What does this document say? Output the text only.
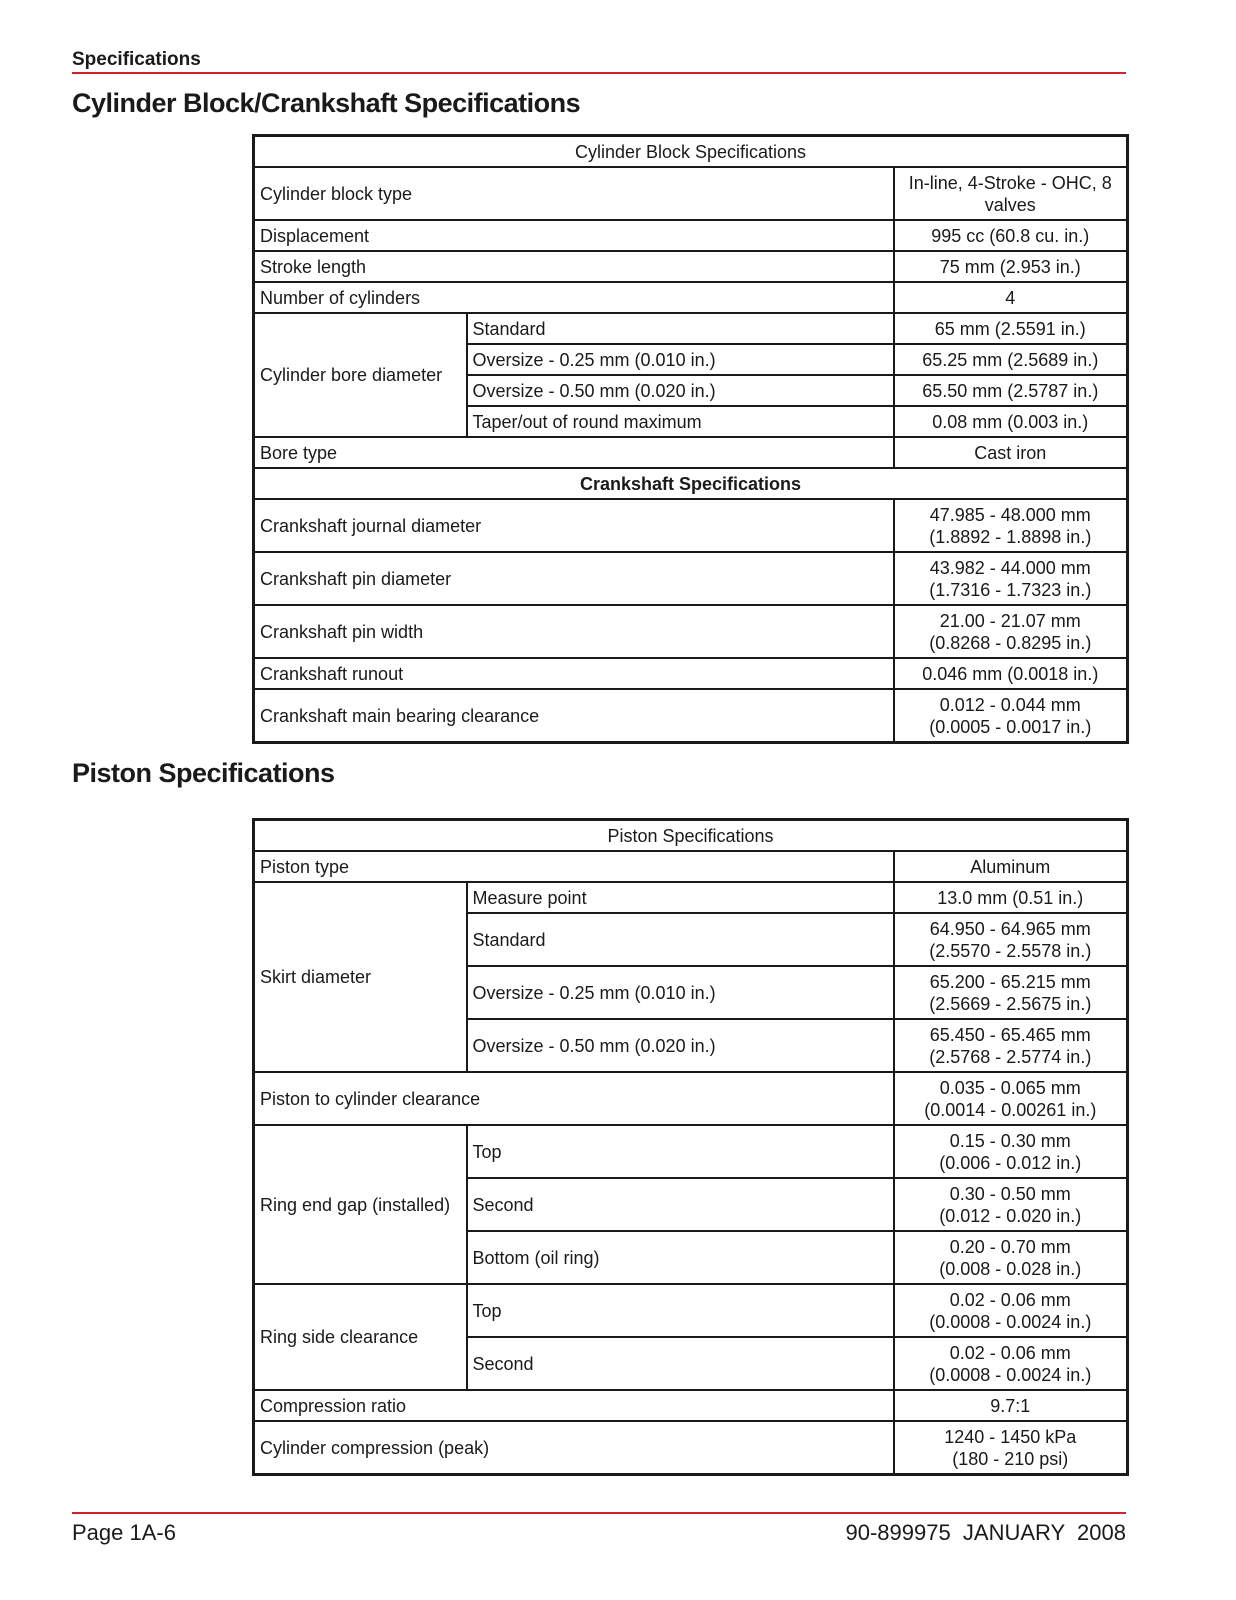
Specifications
Cylinder Block/Crankshaft Specifications
Cylinder Block Specifications		
Cylinder block type		In-line, 4-Stroke - OHC, 8
valves
Displacement		995 cc (60.8 cu. in.)
Stroke length		75 mm (2.953 in.)
Number of cylinders		4
Cylinder bore diameter	Standard	65 mm (2.5591 in.)
	Oversize - 0.25 mm (0.010 in.)	65.25 mm (2.5689 in.)
	Oversize - 0.50 mm (0.020 in.)	65.50 mm (2.5787 in.)
	Taper/out of round maximum	0.08 mm (0.003 in.)
Bore type		Cast iron
Crankshaft Specifications		
Crankshaft journal diameter		47.985 - 48.000 mm
(1.8892 - 1.8898 in.)
Crankshaft pin diameter		43.982 - 44.000 mm
(1.7316 - 1.7323 in.)
Crankshaft pin width		21.00 - 21.07 mm
(0.8268 - 0.8295 in.)
Crankshaft runout		0.046 mm (0.0018 in.)
Crankshaft main bearing clearance		0.012 - 0.044 mm
(0.0005 - 0.0017 in.)
Piston Specifications
Piston Specifications		
Piston type		Aluminum
Skirt diameter	Measure point	13.0 mm (0.51 in.)
	Standard	64.950 - 64.965 mm
(2.5570 - 2.5578 in.)
	Oversize - 0.25 mm (0.010 in.)	65.200 - 65.215 mm
(2.5669 - 2.5675 in.)
	Oversize - 0.50 mm (0.020 in.)	65.450 - 65.465 mm
(2.5768 - 2.5774 in.)
Piston to cylinder clearance		0.035 - 0.065 mm
(0.0014 - 0.00261 in.)
Ring end gap (installed)	Top	0.15 - 0.30 mm
(0.006 - 0.012 in.)
	Second	0.30 - 0.50 mm
(0.012 - 0.020 in.)
	Bottom (oil ring)	0.20 - 0.70 mm
(0.008 - 0.028 in.)
Ring side clearance	Top	0.02 - 0.06 mm
(0.0008 - 0.0024 in.)
	Second	0.02 - 0.06 mm
(0.0008 - 0.0024 in.)
Compression ratio		9.7:1
Cylinder compression (peak)		1240 - 1450 kPa
(180 - 210 psi)
Page 1A-6	90-899975  JANUARY  2008
